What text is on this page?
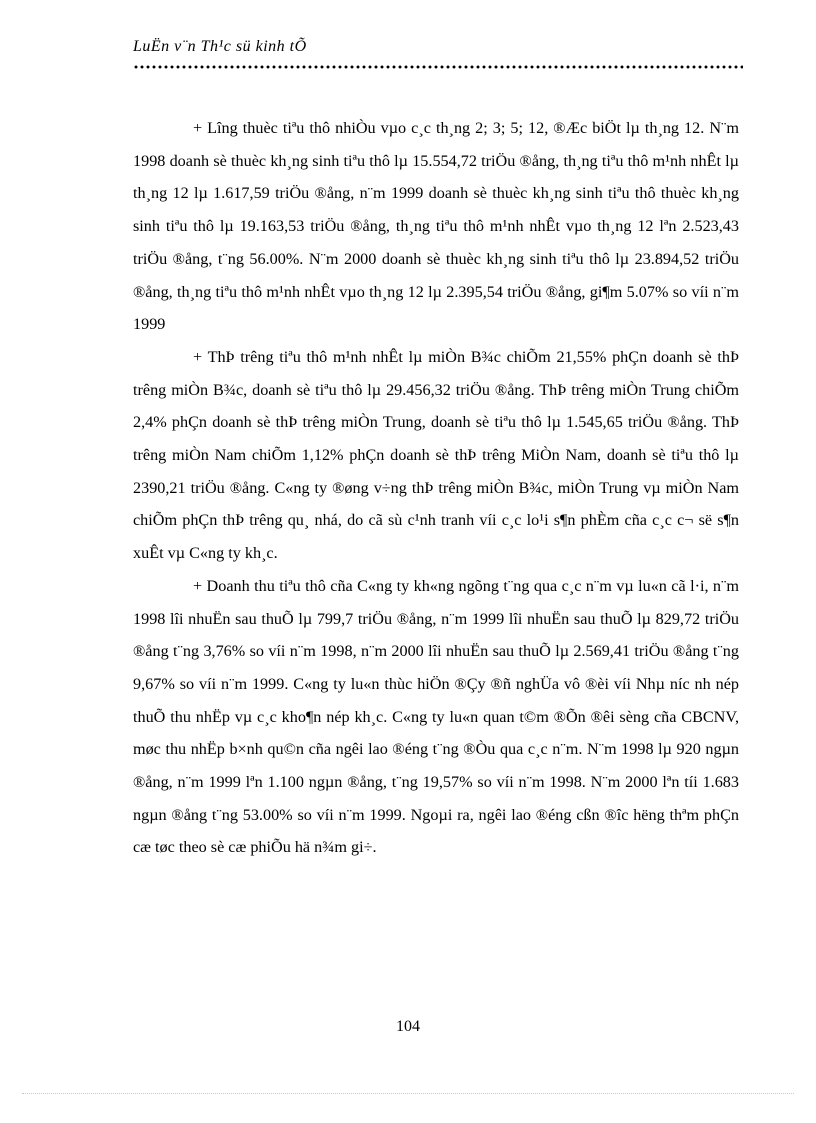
LuËn v¨n Th¹c sü kinh tÕ

+ Lîng thuèc tiªu thô nhiÒu vµo c¸c th¸ng 2; 3; 5; 12, ®Æc biÖt lµ th¸ng 12. N¨m 1998 doanh sè thuèc kh¸ng sinh tiªu thô lµ 15.554,72 triÖu ®ång, th¸ng tiªu thô m¹nh nhÊt lµ th¸ng 12 lµ 1.617,59 triÖu ®ång, n¨m 1999 doanh sè thuèc kh¸ng sinh tiªu thô thuèc kh¸ng sinh tiªu thô lµ 19.163,53 triÖu ®ång, th¸ng tiªu thô m¹nh nhÊt vµo th¸ng 12 lªn 2.523,43 triÖu ®ång, t¨ng 56.00%. N¨m 2000 doanh sè thuèc kh¸ng sinh tiªu thô lµ 23.894,52 triÖu ®ång, th¸ng tiªu thô m¹nh nhÊt vµo th¸ng 12 lµ 2.395,54 triÖu ®ång, gi¶m 5.07% so víi n¨m 1999

+ ThÞ trêng tiªu thô m¹nh nhÊt lµ miÒn B¾c chiÕm 21,55% phÇn doanh sè thÞ trêng miÒn B¾c, doanh sè tiªu thô lµ 29.456,32 triÖu ®ång. ThÞ trêng miÒn Trung chiÕm 2,4% phÇn doanh sè thÞ trêng miÒn Trung, doanh sè tiªu thô lµ 1.545,65 triÖu ®ång. ThÞ trêng miÒn Nam chiÕm 1,12% phÇn doanh sè thÞ trêng MiÒn Nam, doanh sè tiªu thô lµ 2390,21 triÖu ®ång. C«ng ty ®øng v÷ng thÞ trêng miÒn B¾c, miÒn Trung vµ miÒn Nam chiÕm phÇn thÞ trêng qu¸ nhá, do cã sù c¹nh tranh víi c¸c lo¹i s¶n phÈm cña c¸c c¬ së s¶n xuÊt vµ C«ng ty kh¸c.

+ Doanh thu tiªu thô cña C«ng ty kh«ng ngõng t¨ng qua c¸c n¨m vµ lu«n cã l·i, n¨m 1998 lîi nhuËn sau thuÕ lµ 799,7 triÖu ®ång, n¨m 1999 lîi nhuËn sau thuÕ lµ 829,72 triÖu ®ång t¨ng 3,76% so víi n¨m 1998, n¨m 2000 lîi nhuËn sau thuÕ lµ 2.569,41 triÖu ®ång t¨ng 9,67% so víi n¨m 1999. C«ng ty lu«n thùc hiÖn ®Çy ®ñ nghÜa vô ®èi víi Nhµ níc nh nép thuÕ thu nhËp vµ c¸c kho¶n nép kh¸c. C«ng ty lu«n quan t©m ®Õn ®êi sèng cña CBCNV, møc thu nhËp b×nh qu©n cña ngêi lao ®éng t¨ng ®Òu qua c¸c n¨m. N¨m 1998 lµ 920 ngµn ®ång, n¨m 1999 lªn 1.100 ngµn ®ång, t¨ng 19,57% so víi n¨m 1998. N¨m 2000 lªn tíi 1.683 ngµn ®ång t¨ng 53.00% so víi n¨m 1999. Ngoµi ra, ngêi lao ®éng cßn ®îc hëng thªm phÇn cæ tøc theo sè cæ phiÕu hä n¾m gi÷.

104
